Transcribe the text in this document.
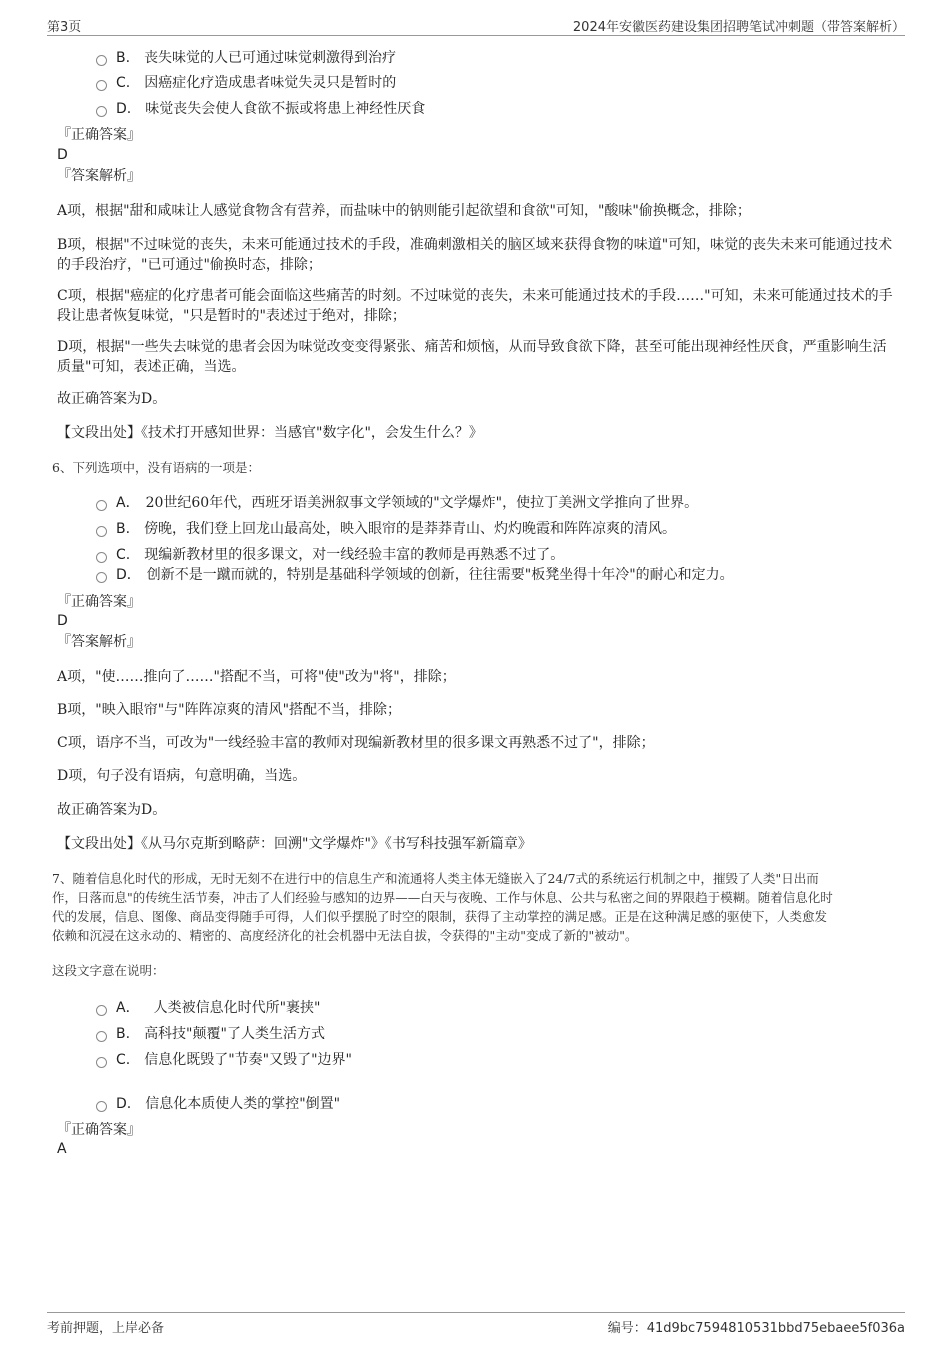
第3页	2024年安徽医药建设集团招聘笔试冲刺题（带答案解析）
B. 丧失味觉的人已可通过味觉刺激得到治疗
C. 因癌症化疗造成患者味觉失灵只是暂时的
D. 味觉丧失会使人食欲不振或将患上神经性厌食
『正确答案』
D
『答案解析』
A项，根据"甜和咸味让人感觉食物含有营养，而盐味中的钠则能引起欲望和食欲"可知，"酸味"偷换概念，排除；
B项，根据"不过味觉的丧失，未来可能通过技术的手段，准确刺激相关的脑区域来获得食物的味道"可知，味觉的丧失未来可能通过技术的手段治疗，"已可通过"偷换时态，排除；
C项，根据"癌症的化疗患者可能会面临这些痛苦的时刻。不过味觉的丧失，未来可能通过技术的手段……"可知，未来可能通过技术的手段让患者恢复味觉，"只是暂时的"表述过于绝对，排除；
D项，根据"一些失去味觉的患者会因为味觉改变变得紧张、痛苦和烦恼，从而导致食欲下降，甚至可能出现神经性厌食，严重影响生活质量"可知，表述正确，当选。
故正确答案为D。
【文段出处】《技术打开感知世界：当感官"数字化"，会发生什么？》
6、下列选项中，没有语病的一项是：
A． 20世纪60年代，西班牙语美洲叙事文学领域的"文学爆炸"，使拉丁美洲文学推向了世界。
B. 傍晚，我们登上回龙山最高处，映入眼帘的是莽莽青山、灼灼晚霞和阵阵凉爽的清风。
C. 现编新教材里的很多课文，对一线经验丰富的教师是再熟悉不过了。
D． 创新不是一蹴而就的，特别是基础科学领域的创新，往往需要"板凳坐得十年冷"的耐心和定力。
『正确答案』
D
『答案解析』
A项，"使……推向了……"搭配不当，可将"使"改为"将"，排除；
B项，"映入眼帘"与"阵阵凉爽的清风"搭配不当，排除；
C项，语序不当，可改为"一线经验丰富的教师对现编新教材里的很多课文再熟悉不过了"，排除；
D项，句子没有语病，句意明确，当选。
故正确答案为D。
【文段出处】《从马尔克斯到略萨：回溯"文学爆炸"》《书写科技强军新篇章》
7、随着信息化时代的形成，无时无刻不在进行中的信息生产和流通将人类主体无缝嵌入了24/7式的系统运行机制之中，摧毁了人类"日出而
作，日落而息"的传统生活节奏，冲击了人们经验与感知的边界——白天与夜晚、工作与休息、公共与私密之间的界限趋于模糊。随着信息化时
代的发展，信息、图像、商品变得随手可得，人们似乎摆脱了时空的限制，获得了主动掌控的满足感。正是在这种满足感的驱使下，人类愈发
依赖和沉浸在这永动的、精密的、高度经济化的社会机器中无法自拔，令获得的"主动"变成了新的"被动"。
这段文字意在说明：
A． 人类被信息化时代所"裹挟"
B. 高科技"颠覆"了人类生活方式
C. 信息化既毁了"节奏"又毁了"边界"
D. 信息化本质使人类的掌控"倒置"
『正确答案』
A
考前押题，上岸必备	编号：41d9bc7594810531bbd75ebaee5f036a
